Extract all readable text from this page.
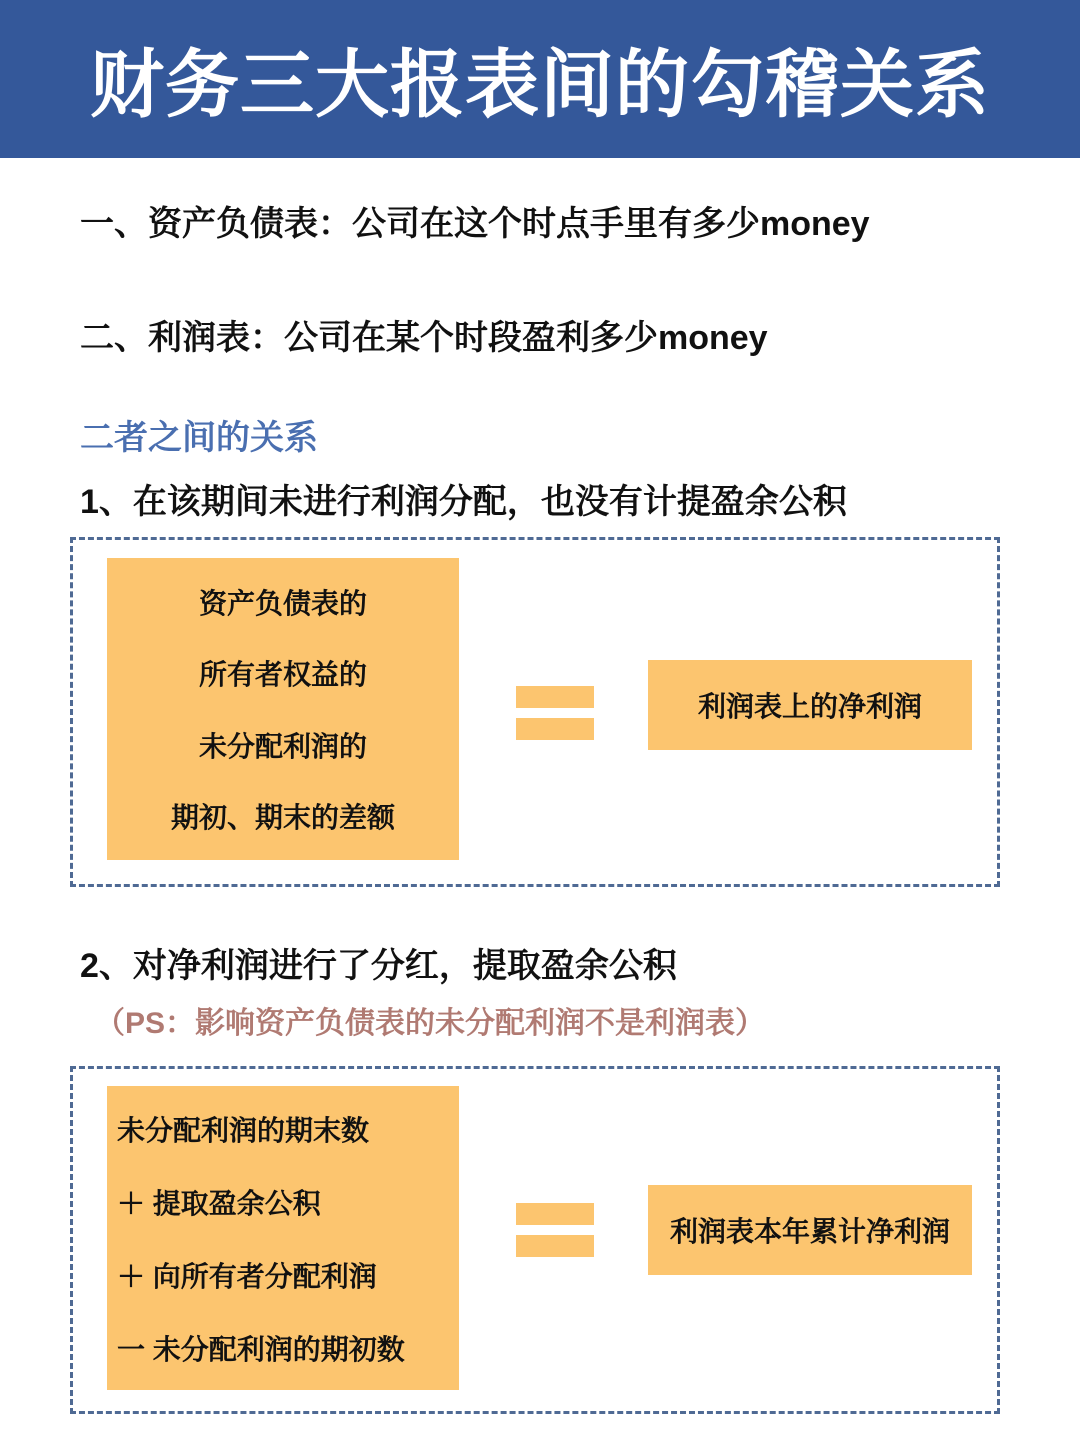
财务三大报表间的勾稽关系
一、资产负债表：公司在这个时点手里有多少money
二、利润表：公司在某个时段盈利多少money
二者之间的关系
1、在该期间未进行利润分配，也没有计提盈余公积
资产负债表的
所有者权益的
未分配利润的
期初、期末的差额
利润表上的净利润
2、对净利润进行了分红，提取盈余公积
（PS：影响资产负债表的未分配利润不是利润表）
未分配利润的期末数
＋ 提取盈余公积
＋ 向所有者分配利润
一 未分配利润的期初数
利润表本年累计净利润
